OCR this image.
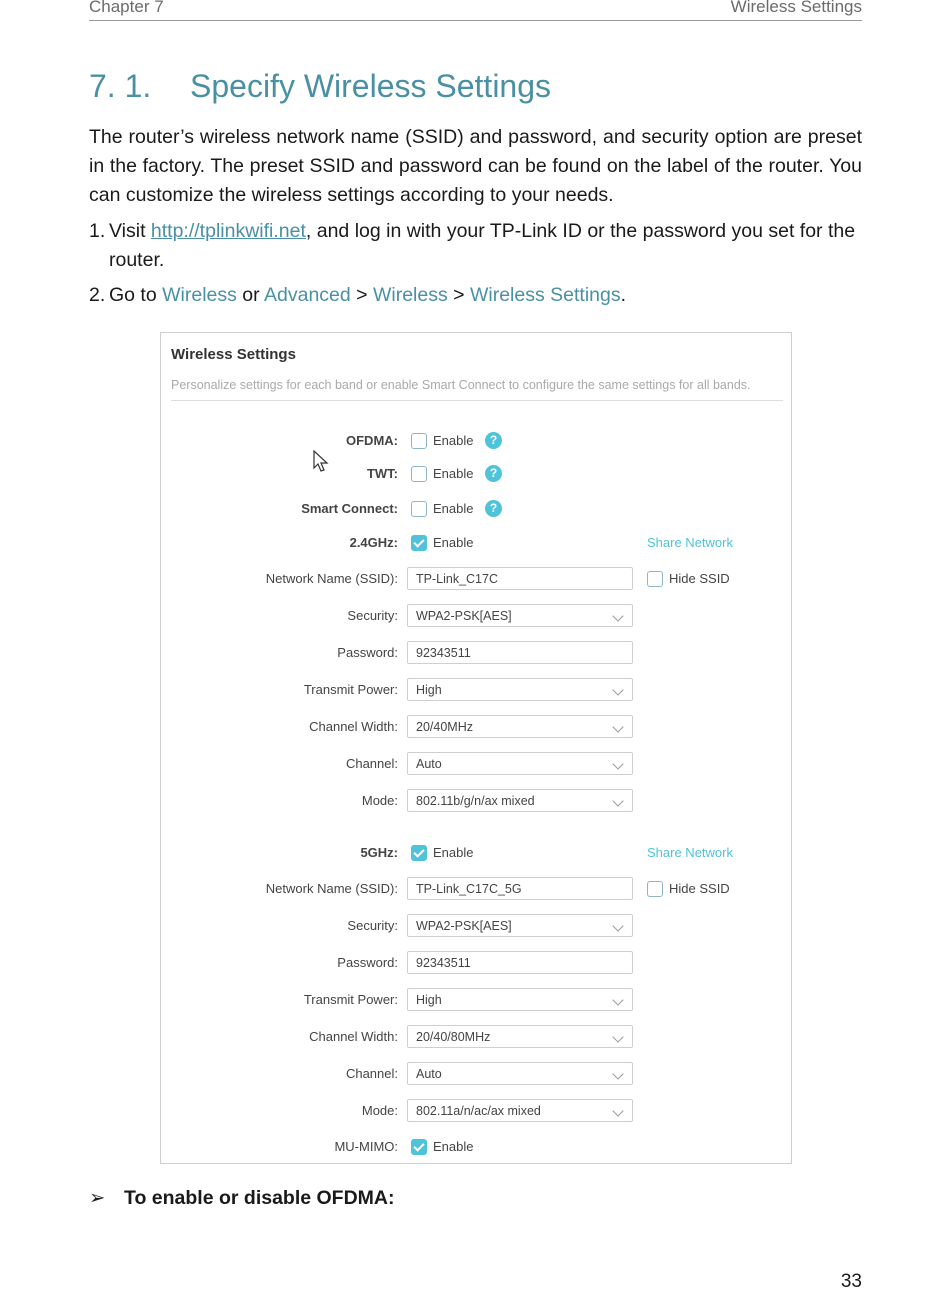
Chapter 7	Wireless Settings
7. 1. Specify Wireless Settings
The router’s wireless network name (SSID) and password, and security option are preset in the factory. The preset SSID and password can be found on the label of the router. You can customize the wireless settings according to your needs.
1. Visit http://tplinkwifi.net, and log in with your TP-Link ID or the password you set for the router.
2. Go to Wireless or Advanced > Wireless > Wireless Settings.
Wireless Settings
Personalize settings for each band or enable Smart Connect to configure the same settings for all bands.
OFDMA:	Enable	?
TWT:	Enable	?
Smart Connect:	Enable	?
2.4GHz:	Enable	Share Network
Network Name (SSID):	TP-Link_C17C	Hide SSID
Security:	WPA2-PSK[AES]
Password:	92343511
Transmit Power:	High
Channel Width:	20/40MHz
Channel:	Auto
Mode:	802.11b/g/n/ax mixed
5GHz:	Enable	Share Network
Network Name (SSID):	TP-Link_C17C_5G	Hide SSID
Security:	WPA2-PSK[AES]
Password:	92343511
Transmit Power:	High
Channel Width:	20/40/80MHz
Channel:	Auto
Mode:	802.11a/n/ac/ax mixed
MU-MIMO:	Enable
➢ To enable or disable OFDMA:
33
